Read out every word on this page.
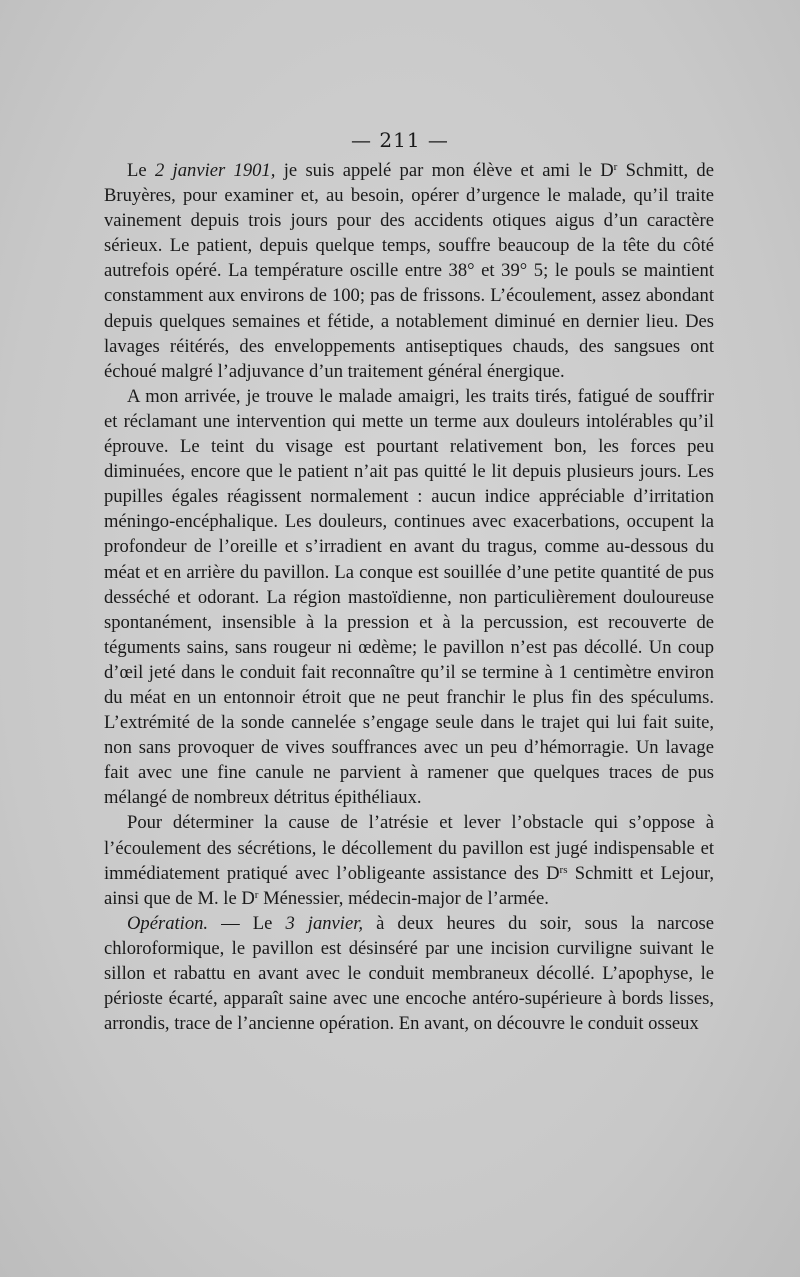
— 211 —

Le 2 janvier 1901, je suis appelé par mon élève et ami le $D^r$ Schmitt, de Bruyères, pour examiner et, au besoin, opérer d’urgence le malade, qu’il traite vainement depuis trois jours pour des accidents otiques aigus d’un caractère sérieux. Le patient, depuis quelque temps, souffre beaucoup de la tête du côté autrefois opéré. La température oscille entre 38° et 39° 5; le pouls se maintient constamment aux environs de 100; pas de frissons. L’écoulement, assez abondant depuis quelques semaines et fétide, a notablement diminué en dernier lieu. Des lavages réitérés, des enveloppements antiseptiques chauds, des sangsues ont échoué malgré l’adjuvance d’un traitement général énergique.

A mon arrivée, je trouve le malade amaigri, les traits tirés, fatigué de souffrir et réclamant une intervention qui mette un terme aux douleurs intolérables qu’il éprouve. Le teint du visage est pourtant relativement bon, les forces peu diminuées, encore que le patient n’ait pas quitté le lit depuis plusieurs jours. Les pupilles égales réagissent normalement : aucun indice appréciable d’irritation méningo-encéphalique. Les douleurs, continues avec exacerbations, occupent la profondeur de l’oreille et s’irradient en avant du tragus, comme au-dessous du méat et en arrière du pavillon. La conque est souillée d’une petite quantité de pus desséché et odorant. La région mastoïdienne, non particulièrement douloureuse spontanément, insensible à la pression et à la percussion, est recouverte de téguments sains, sans rougeur ni œdème; le pavillon n’est pas décollé. Un coup d’œil jeté dans le conduit fait reconnaître qu’il se termine à 1 centimètre environ du méat en un entonnoir étroit que ne peut franchir le plus fin des spéculums. L’extrémité de la sonde cannelée s’engage seule dans le trajet qui lui fait suite, non sans provoquer de vives souffrances avec un peu d’hémorragie. Un lavage fait avec une fine canule ne parvient à ramener que quelques traces de pus mélangé de nombreux détritus épithéliaux.

Pour déterminer la cause de l’atrésie et lever l’obstacle qui s’oppose à l’écoulement des sécrétions, le décollement du pavillon est jugé indispensable et immédiatement pratiqué avec l’obligeante assistance des $D^{rs}$ Schmitt et Lejour, ainsi que de M. le $D^r$ Ménessier, médecin-major de l’armée.

Opération. — Le 3 janvier, à deux heures du soir, sous la narcose chloroformique, le pavillon est désinséré par une incision curviligne suivant le sillon et rabattu en avant avec le conduit membraneux décollé. L’apophyse, le périoste écarté, apparaît saine avec une encoche antéro-supérieure à bords lisses, arrondis, trace de l’ancienne opération. En avant, on découvre le conduit osseux
